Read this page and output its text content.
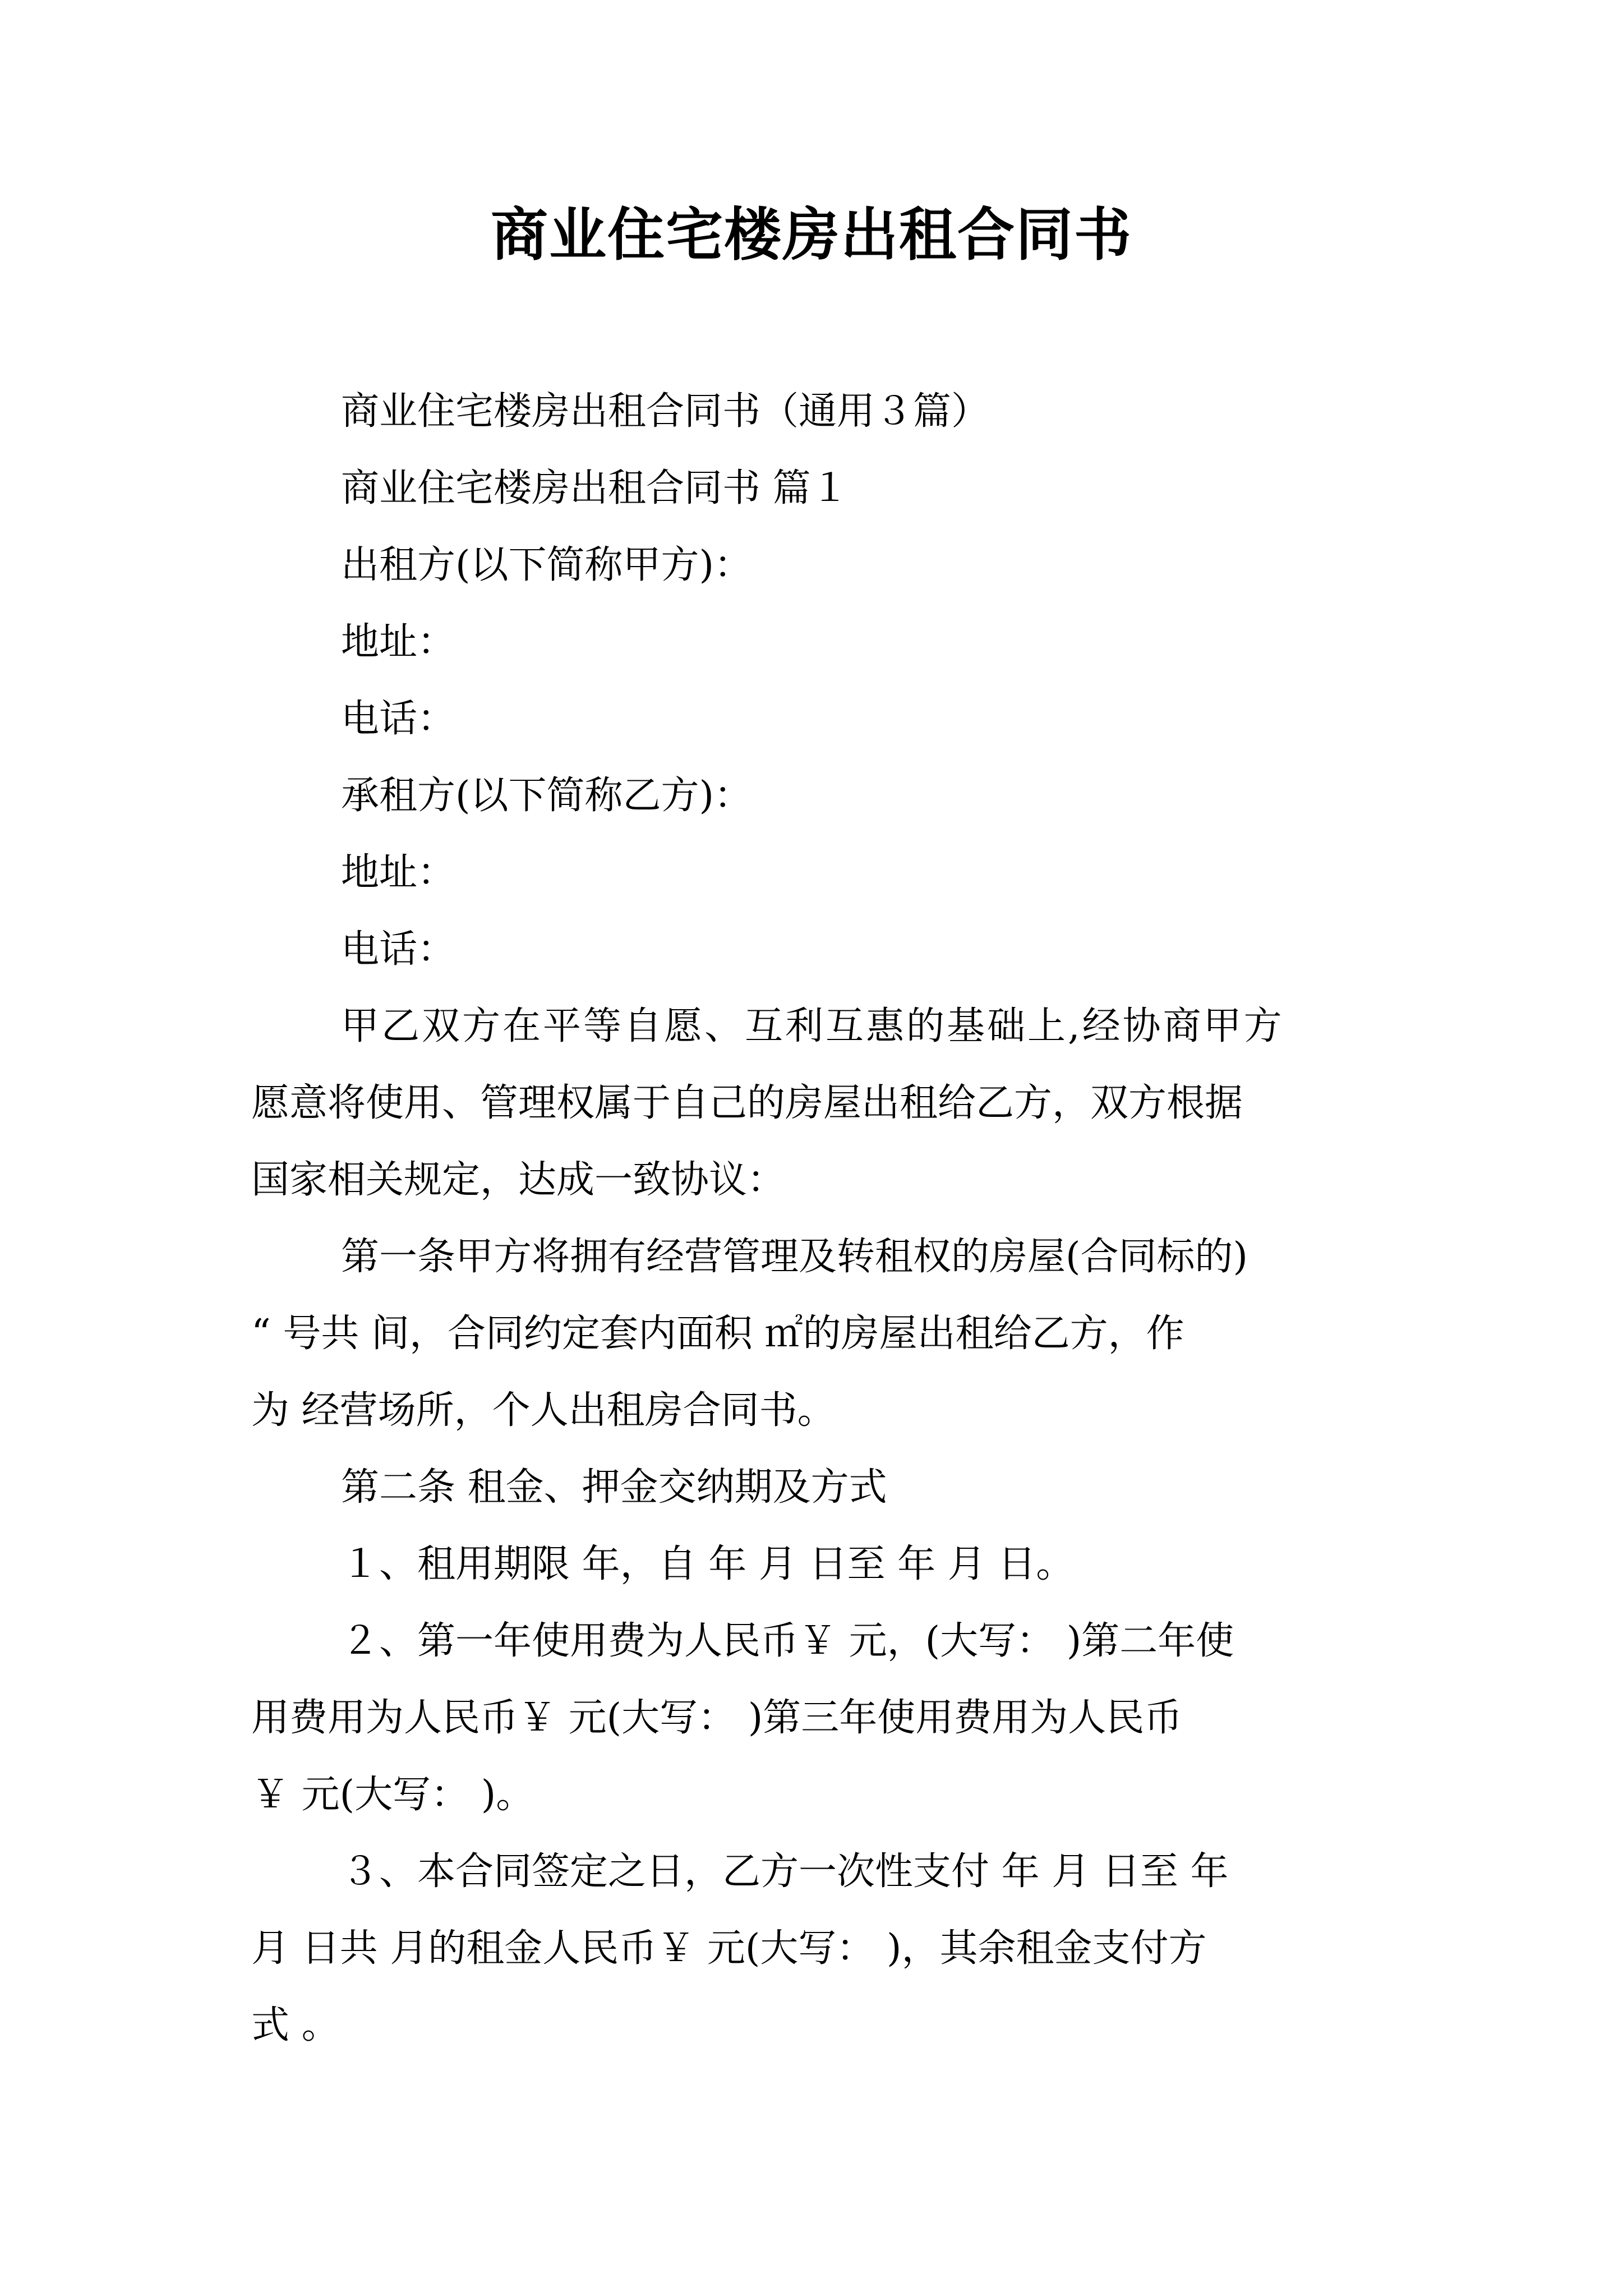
商业住宅楼房出租合同书

商业住宅楼房出租合同书（通用３篇）

商业住宅楼房出租合同书 篇１

出租方(以下简称甲方)：

地址：

电话：

承租方(以下简称乙方)：

地址：

电话：

甲乙双方在平等自愿、互利互惠的基础上,经协商甲方

愿意将使用、管理权属于自己的房屋出租给乙方，双方根据

国家相关规定，达成一致协议：

第一条甲方将拥有经营管理及转租权的房屋(合同标的)

“ 号共 间，合同约定套内面积 ㎡的房屋出租给乙方，作

为 经营场所，个人出租房合同书。

第二条 租金、押金交纳期及方式

１、租用期限 年，自 年 月 日至 年 月 日。

２、第一年使用费为人民币￥ 元，(大写： )第二年使

用费用为人民币￥ 元(大写： )第三年使用费用为人民币

￥ 元(大写： )。

３、本合同签定之日，乙方一次性支付 年 月 日至 年

月 日共 月的租金人民币￥ 元(大写： )，其余租金支付方

式 。
